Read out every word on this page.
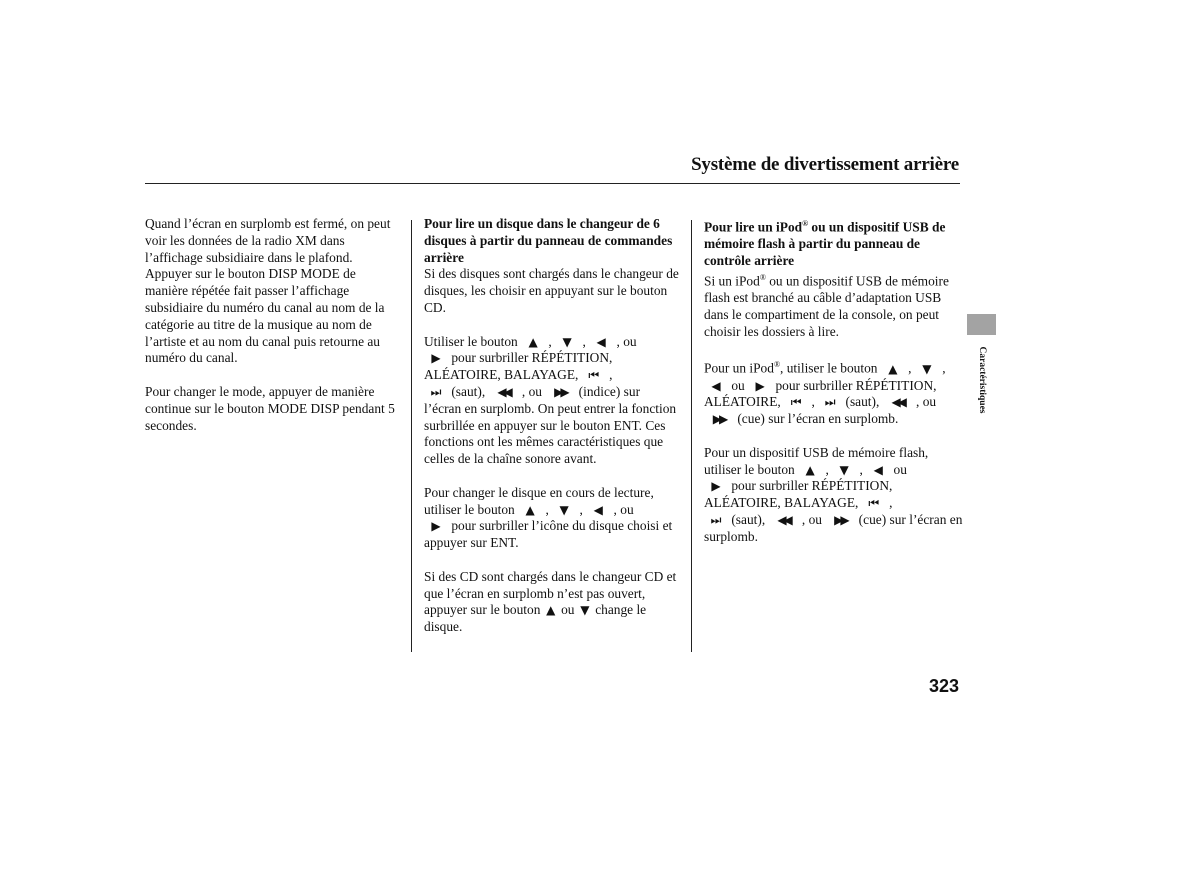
Système de divertissement arrière

Quand l’écran en surplomb est fermé, on peut voir les données de la radio XM dans l’affichage subsidiaire dans le plafond. Appuyer sur le bouton DISP MODE de manière répétée fait passer l’affichage subsidiaire du numéro du canal au nom de la catégorie au titre de la musique au nom de l’artiste et au nom du canal puis retourne au numéro du canal.

Pour changer le mode, appuyer de manière continue sur le bouton MODE DISP pendant 5 secondes.

Pour lire un disque dans le changeur de 6 disques à partir du panneau de commandes arrière

Si des disques sont chargés dans le changeur de disques, les choisir en appuyant sur le bouton CD.

Utiliser le bouton ▲ , ▼ , ◀ , ou
▶ pour surbriller RÉPÉTITION, ALÉATOIRE, BALAYAGE, ⏮ ,
⏭ (saut), ◀◀ , ou ▶▶ (indice) sur l’écran en surplomb. On peut entrer la fonction surbrillée en appuyer sur le bouton ENT. Ces fonctions ont les mêmes caractéristiques que celles de la chaîne sonore avant.

Pour changer le disque en cours de lecture, utiliser le bouton ▲ , ▼ , ◀ , ou
▶ pour surbriller l’icône du disque choisi et appuyer sur ENT.

Si des CD sont chargés dans le changeur CD et que l’écran en surplomb n’est pas ouvert, appuyer sur le bouton ▲ ou ▼ change le disque.

Pour lire un iPod® ou un dispositif USB de mémoire flash à partir du panneau de contrôle arrière

Si un iPod® ou un dispositif USB de mémoire flash est branché au câble d’adaptation USB dans le compartiment de la console, on peut choisir les dossiers à lire.

Pour un iPod®, utiliser le bouton ▲ , ▼ ,
◀ ou ▶ pour surbriller RÉPÉTITION, ALÉATOIRE, ⏮ , ⏭ (saut), ◀◀ , ou
▶▶ (cue) sur l’écran en surplomb.

Pour un dispositif USB de mémoire flash, utiliser le bouton ▲ , ▼ , ◀ ou
▶ pour surbriller RÉPÉTITION, ALÉATOIRE, BALAYAGE, ⏮ ,
⏭ (saut), ◀◀ , ou ▶▶ (cue) sur l’écran en surplomb.

Caractéristiques
323
